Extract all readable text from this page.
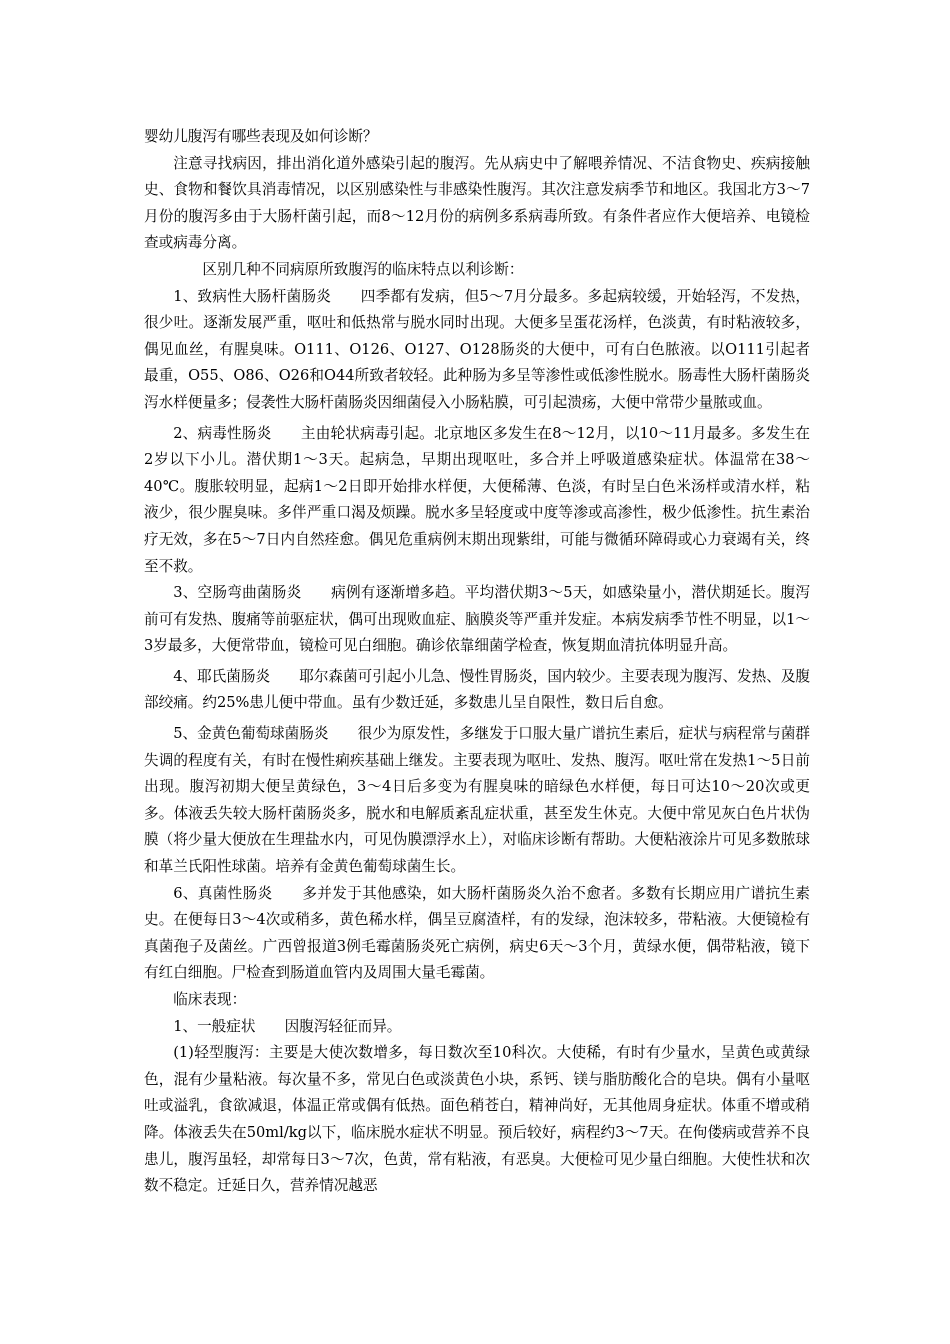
婴幼儿腹泻有哪些表现及如何诊断？

注意寻找病因，排出消化道外感染引起的腹泻。先从病史中了解喂养情况、不洁食物史、疾病接触史、食物和餐饮具消毒情况，以区别感染性与非感染性腹泻。其次注意发病季节和地区。我国北方3～7月份的腹泻多由于大肠杆菌引起，而8～12月份的病例多系病毒所致。有条件者应作大便培养、电镜检查或病毒分离。

区别几种不同病原所致腹泻的临床特点以利诊断：

1、致病性大肠杆菌肠炎　　四季都有发病，但5～7月分最多。多起病较缓，开始轻泻，不发热，很少吐。逐渐发展严重，呕吐和低热常与脱水同时出现。大便多呈蛋花汤样，色淡黄，有时粘液较多，偶见血丝，有腥臭味。O111、O126、O127、O128肠炎的大便中，可有白色脓液。以O111引起者最重，O55、O86、O26和O44所致者较轻。此种肠为多呈等渗性或低渗性脱水。肠毒性大肠杆菌肠炎泻水样便量多；侵袭性大肠杆菌肠炎因细菌侵入小肠粘膜，可引起溃疡，大便中常带少量脓或血。

2、病毒性肠炎　　主由轮状病毒引起。北京地区多发生在8～12月，以10～11月最多。多发生在2岁以下小儿。潜伏期1～3天。起病急，早期出现呕吐，多合并上呼吸道感染症状。体温常在38～40℃。腹胀较明显，起病1～2日即开始排水样便，大便稀薄、色淡，有时呈白色米汤样或清水样，粘液少，很少腥臭味。多伴严重口渴及烦躁。脱水多呈轻度或中度等渗或高渗性，极少低渗性。抗生素治疗无效，多在5～7日内自然痊愈。偶见危重病例末期出现紫绀，可能与微循环障碍或心力衰竭有关，终至不救。

3、空肠弯曲菌肠炎　　病例有逐渐增多趋。平均潜伏期3～5天，如感染量小，潜伏期延长。腹泻前可有发热、腹痛等前驱症状，偶可出现败血症、脑膜炎等严重并发症。本病发病季节性不明显，以1～3岁最多，大便常带血，镜检可见白细胞。确诊依靠细菌学检查，恢复期血清抗体明显升高。

4、耶氏菌肠炎　　耶尔森菌可引起小儿急、慢性胃肠炎，国内较少。主要表现为腹泻、发热、及腹部绞痛。约25%患儿便中带血。虽有少数迁延，多数患儿呈自限性，数日后自愈。

5、金黄色葡萄球菌肠炎　　很少为原发性，多继发于口服大量广谱抗生素后，症状与病程常与菌群失调的程度有关，有时在慢性痢疾基础上继发。主要表现为呕吐、发热、腹泻。呕吐常在发热1～5日前出现。腹泻初期大便呈黄绿色，3～4日后多变为有腥臭味的暗绿色水样便，每日可达10～20次或更多。体液丢失较大肠杆菌肠炎多，脱水和电解质紊乱症状重，甚至发生休克。大便中常见灰白色片状伪膜（将少量大便放在生理盐水内，可见伪膜漂浮水上），对临床诊断有帮助。大便粘液涂片可见多数脓球和革兰氏阳性球菌。培养有金黄色葡萄球菌生长。

6、真菌性肠炎　　多并发于其他感染，如大肠杆菌肠炎久治不愈者。多数有长期应用广谱抗生素史。在便每日3～4次或稍多，黄色稀水样，偶呈豆腐渣样，有的发绿，泡沫较多，带粘液。大便镜检有真菌孢子及菌丝。广西曾报道3例毛霉菌肠炎死亡病例，病史6天～3个月，黄绿水便，偶带粘液，镜下有红白细胞。尸检查到肠道血管内及周围大量毛霉菌。

临床表现：

1、一般症状　　因腹泻轻征而异。

(1)轻型腹泻：主要是大使次数增多，每日数次至10科次。大使稀，有时有少量水，呈黄色或黄绿色，混有少量粘液。每次量不多，常见白色或淡黄色小块，系钙、镁与脂肪酸化合的皂块。偶有小量呕吐或溢乳，食欲减退，体温正常或偶有低热。面色稍苍白，精神尚好，无其他周身症状。体重不增或稍降。体液丢失在50ml/kg以下，临床脱水症状不明显。预后较好，病程约3～7天。在佝偻病或营养不良患儿，腹泻虽轻，却常每日3～7次，色黄，常有粘液，有恶臭。大便检可见少量白细胞。大使性状和次数不稳定。迁延日久，营养情况越恶
